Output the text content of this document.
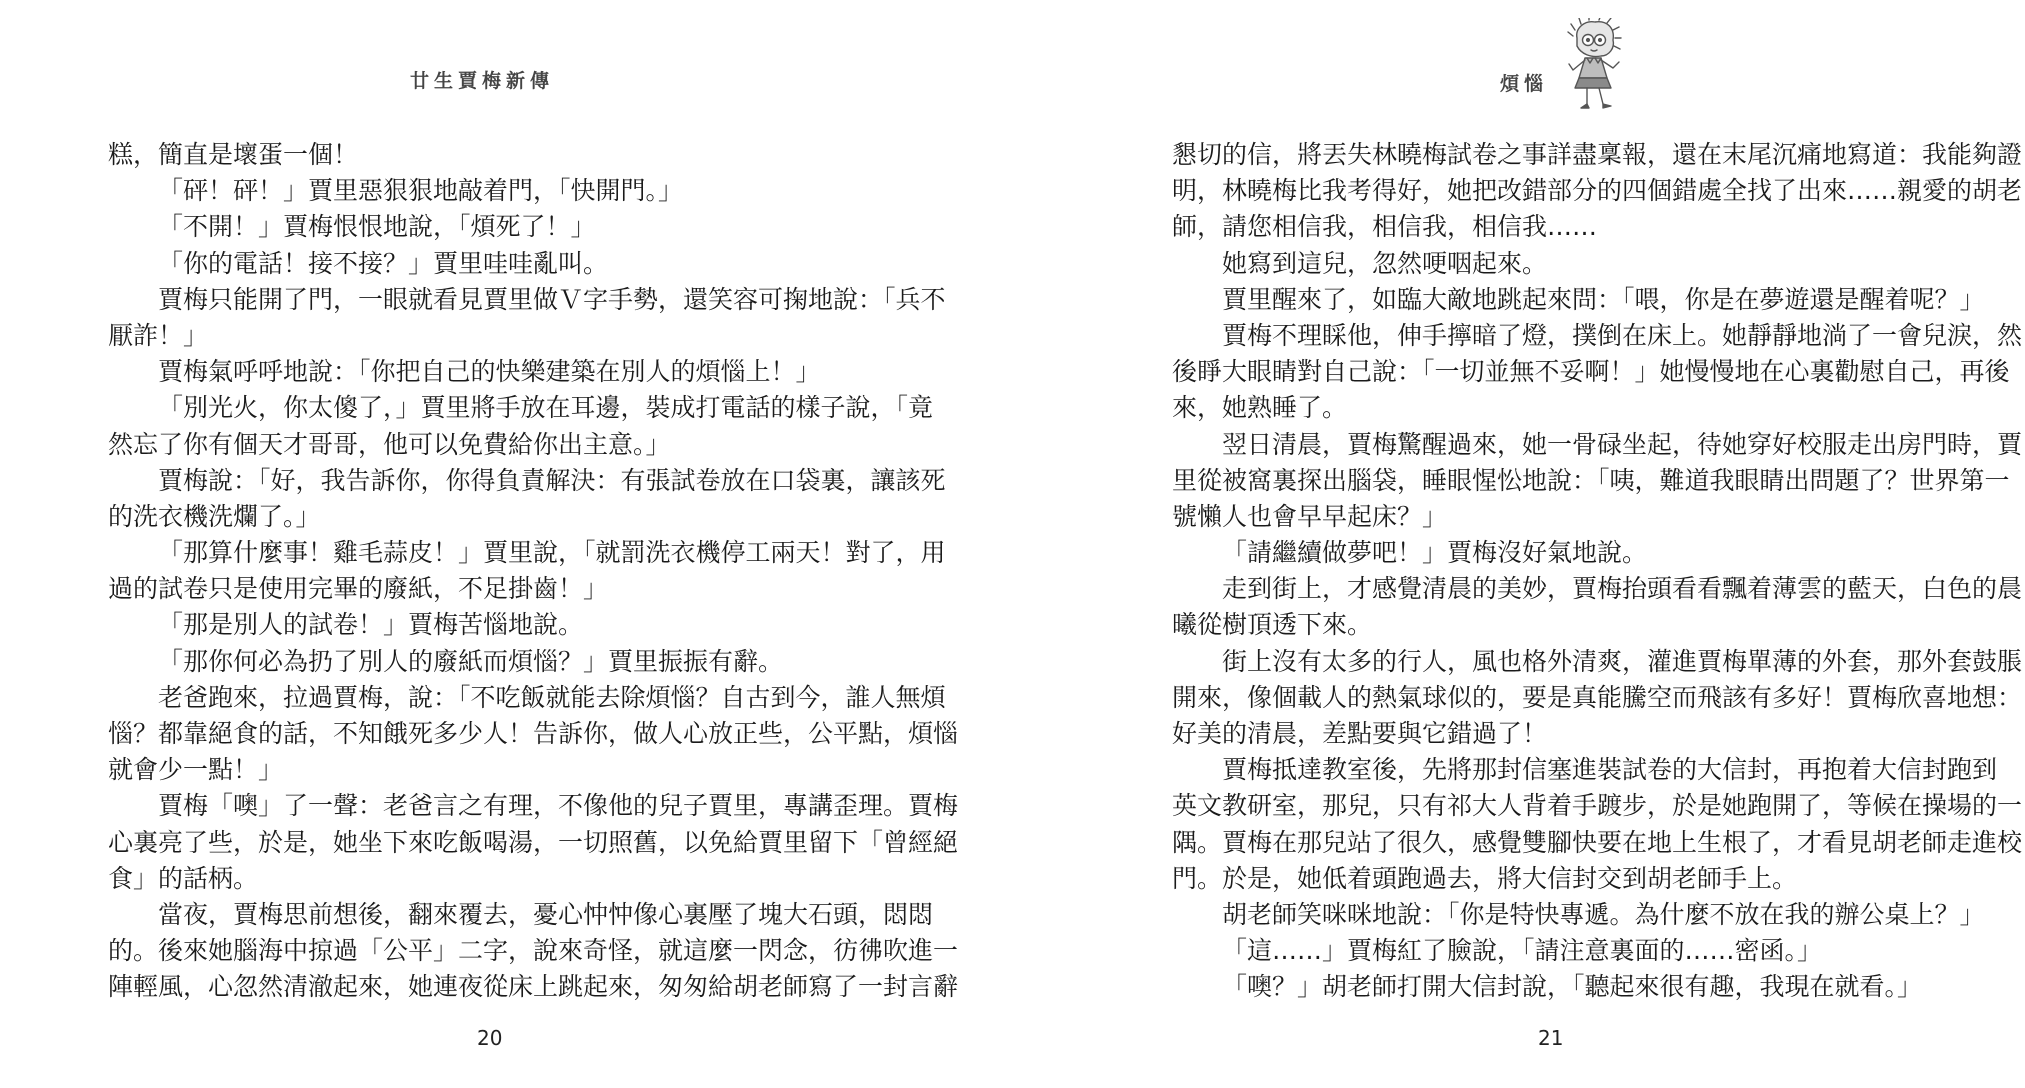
廿生賈梅新傳
糕，簡直是壞蛋一個！
「砰！砰！」賈里惡狠狠地敲着門，「快開門。」
「不開！」賈梅恨恨地說，「煩死了！」
「你的電話！接不接？」賈里哇哇亂叫。
賈梅只能開了門，一眼就看見賈里做Ｖ字手勢，還笑容可掬地說：「兵不
厭詐！」
賈梅氣呼呼地說：「你把自己的快樂建築在別人的煩惱上！」
「別光火，你太傻了，」賈里將手放在耳邊，裝成打電話的樣子說，「竟
然忘了你有個天才哥哥，他可以免費給你出主意。」
賈梅說：「好，我告訴你，你得負責解決：有張試卷放在口袋裏，讓該死
的洗衣機洗爛了。」
「那算什麼事！雞毛蒜皮！」賈里說，「就罰洗衣機停工兩天！對了，用
過的試卷只是使用完畢的廢紙，不足掛齒！」
「那是別人的試卷！」賈梅苦惱地說。
「那你何必為扔了別人的廢紙而煩惱？」賈里振振有辭。
老爸跑來，拉過賈梅，說：「不吃飯就能去除煩惱？自古到今，誰人無煩
惱？都靠絕食的話，不知餓死多少人！告訴你，做人心放正些，公平點，煩惱
就會少一點！」
賈梅「噢」了一聲：老爸言之有理，不像他的兒子賈里，專講歪理。賈梅
心裏亮了些，於是，她坐下來吃飯喝湯，一切照舊，以免給賈里留下「曾經絕
食」的話柄。
當夜，賈梅思前想後，翻來覆去，憂心忡忡像心裏壓了塊大石頭，悶悶
的。後來她腦海中掠過「公平」二字，說來奇怪，就這麼一閃念，彷彿吹進一
陣輕風，心忽然清澈起來，她連夜從床上跳起來，匆匆給胡老師寫了一封言辭
20
煩惱
懇切的信，將丟失林曉梅試卷之事詳盡稟報，還在末尾沉痛地寫道：我能夠證
明，林曉梅比我考得好，她把改錯部分的四個錯處全找了出來……親愛的胡老
師，請您相信我，相信我，相信我……
她寫到這兒，忽然哽咽起來。
賈里醒來了，如臨大敵地跳起來問：「喂，你是在夢遊還是醒着呢？」
賈梅不理睬他，伸手擰暗了燈，撲倒在床上。她靜靜地淌了一會兒淚，然
後睜大眼睛對自己說：「一切並無不妥啊！」她慢慢地在心裏勸慰自己，再後
來，她熟睡了。
翌日清晨，賈梅驚醒過來，她一骨碌坐起，待她穿好校服走出房門時，賈
里從被窩裏探出腦袋，睡眼惺忪地說：「咦，難道我眼睛出問題了？世界第一
號懶人也會早早起床？」
「請繼續做夢吧！」賈梅沒好氣地說。
走到街上，才感覺清晨的美妙，賈梅抬頭看看飄着薄雲的藍天，白色的晨
曦從樹頂透下來。
街上沒有太多的行人，風也格外清爽，灌進賈梅單薄的外套，那外套鼓脹
開來，像個載人的熱氣球似的，要是真能騰空而飛該有多好！賈梅欣喜地想：
好美的清晨，差點要與它錯過了！
賈梅抵達教室後，先將那封信塞進裝試卷的大信封，再抱着大信封跑到
英文教研室，那兒，只有祁大人背着手踱步，於是她跑開了，等候在操場的一
隅。賈梅在那兒站了很久，感覺雙腳快要在地上生根了，才看見胡老師走進校
門。於是，她低着頭跑過去，將大信封交到胡老師手上。
胡老師笑咪咪地說：「你是特快專遞。為什麼不放在我的辦公桌上？」
「這……」賈梅紅了臉說，「請注意裏面的……密函。」
「噢？」胡老師打開大信封說，「聽起來很有趣，我現在就看。」
21
